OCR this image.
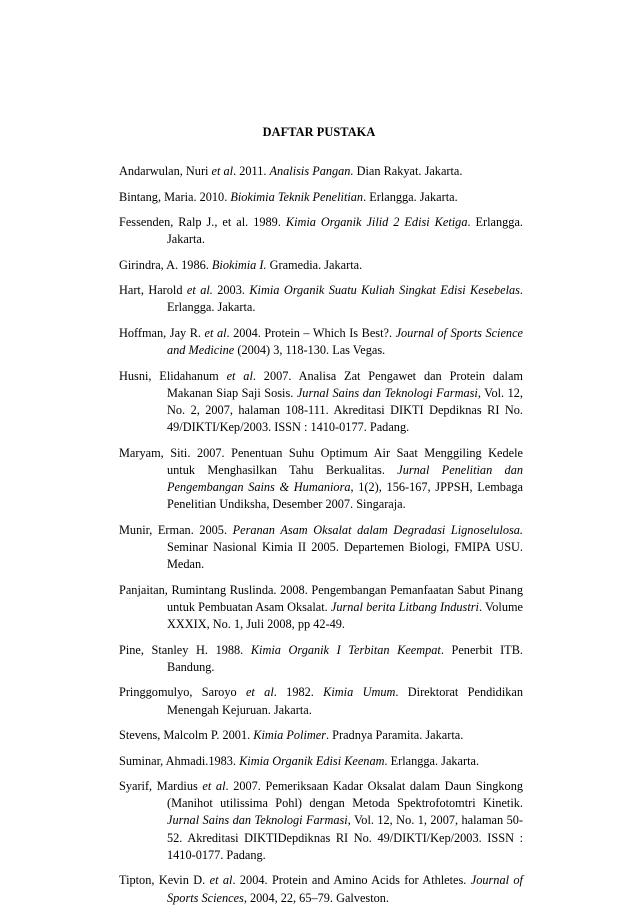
DAFTAR PUSTAKA
Andarwulan, Nuri et al. 2011. Analisis Pangan. Dian Rakyat. Jakarta.
Bintang, Maria. 2010. Biokimia Teknik Penelitian. Erlangga. Jakarta.
Fessenden, Ralp J., et al. 1989. Kimia Organik Jilid 2 Edisi Ketiga. Erlangga. Jakarta.
Girindra, A. 1986. Biokimia I. Gramedia. Jakarta.
Hart, Harold et al. 2003. Kimia Organik Suatu Kuliah Singkat Edisi Kesebelas. Erlangga. Jakarta.
Hoffman, Jay R. et al. 2004. Protein – Which Is Best?. Journal of Sports Science and Medicine (2004) 3, 118-130. Las Vegas.
Husni, Elidahanum et al. 2007. Analisa Zat Pengawet dan Protein dalam Makanan Siap Saji Sosis. Jurnal Sains dan Teknologi Farmasi, Vol. 12, No. 2, 2007, halaman 108-111. Akreditasi DIKTI Depdiknas RI No. 49/DIKTI/Kep/2003. ISSN : 1410-0177. Padang.
Maryam, Siti. 2007. Penentuan Suhu Optimum Air Saat Menggiling Kedele untuk Menghasilkan Tahu Berkualitas. Jurnal Penelitian dan Pengembangan Sains & Humaniora, 1(2), 156-167, JPPSH, Lembaga Penelitian Undiksha, Desember 2007. Singaraja.
Munir, Erman. 2005. Peranan Asam Oksalat dalam Degradasi Lignoselulosa. Seminar Nasional Kimia II 2005. Departemen Biologi, FMIPA USU. Medan.
Panjaitan, Rumintang Ruslinda. 2008. Pengembangan Pemanfaatan Sabut Pinang untuk Pembuatan Asam Oksalat. Jurnal berita Litbang Industri. Volume XXXIX, No. 1, Juli 2008, pp 42-49.
Pine, Stanley H. 1988. Kimia Organik I Terbitan Keempat. Penerbit ITB. Bandung.
Pringgomulyo, Saroyo et al. 1982. Kimia Umum. Direktorat Pendidikan Menengah Kejuruan. Jakarta.
Stevens, Malcolm P. 2001. Kimia Polimer. Pradnya Paramita. Jakarta.
Suminar, Ahmadi.1983. Kimia Organik Edisi Keenam. Erlangga. Jakarta.
Syarif, Mardius et al. 2007. Pemeriksaan Kadar Oksalat dalam Daun Singkong (Manihot utilissima Pohl) dengan Metoda Spektrofotomtri Kinetik. Jurnal Sains dan Teknologi Farmasi, Vol. 12, No. 1, 2007, halaman 50-52. Akreditasi DIKTIDepdiknas RI No. 49/DIKTI/Kep/2003. ISSN : 1410-0177. Padang.
Tipton, Kevin D. et al. 2004. Protein and Amino Acids for Athletes. Journal of Sports Sciences, 2004, 22, 65–79. Galveston.
